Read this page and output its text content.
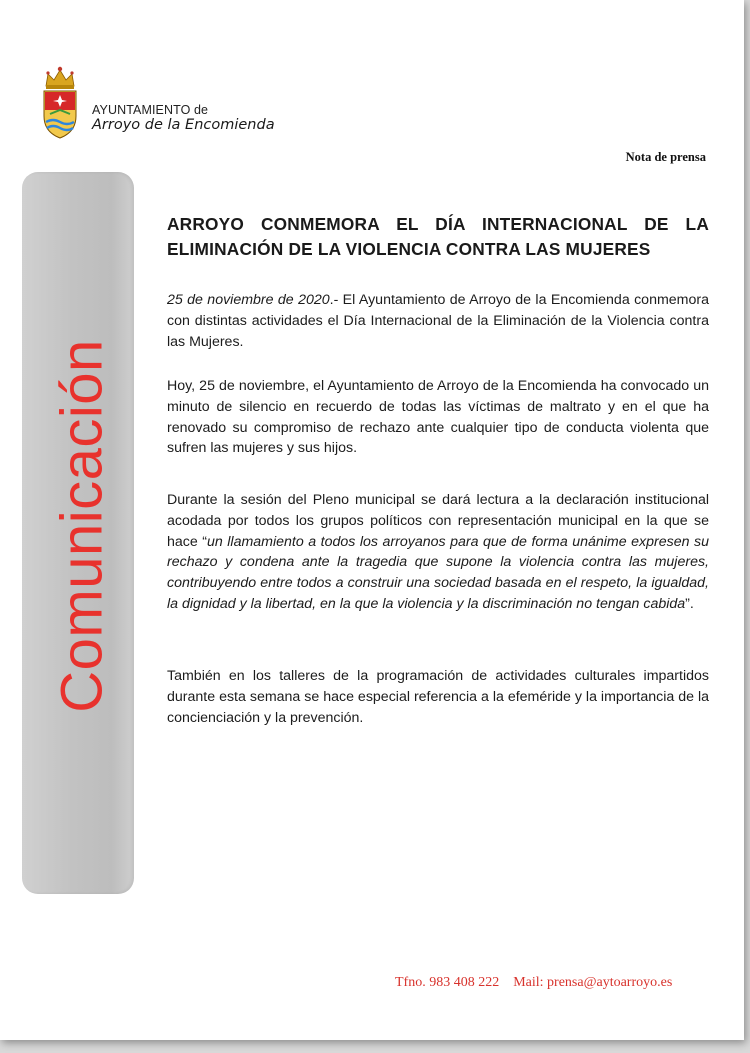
AYUNTAMIENTO de
Arroyo de la Encomienda
Nota de prensa
Comunicación
ARROYO CONMEMORA EL DÍA INTERNACIONAL DE LA
ELIMINACIÓN DE LA VIOLENCIA CONTRA LAS MUJERES

25 de noviembre de 2020.- El Ayuntamiento de Arroyo de la Encomienda conmemora con distintas actividades el Día Internacional de la Eliminación de la Violencia contra las Mujeres.

Hoy, 25 de noviembre, el Ayuntamiento de Arroyo de la Encomienda ha convocado un minuto de silencio en recuerdo de todas las víctimas de maltrato y en el que ha renovado su compromiso de rechazo ante cualquier tipo de conducta violenta que sufren las mujeres y sus hijos.

Durante la sesión del Pleno municipal se dará lectura a la declaración institucional acodada por todos los grupos políticos con representación municipal en la que se hace “un llamamiento a todos los arroyanos para que de forma unánime expresen su rechazo y condena ante la tragedia que supone la violencia contra las mujeres, contribuyendo entre todos a construir una sociedad basada en el respeto, la igualdad, la dignidad y la libertad, en la que la violencia y la discriminación no tengan cabida”.

También en los talleres de la programación de actividades culturales impartidos durante esta semana se hace especial referencia a la efeméride y la importancia de la concienciación y la prevención.

Tfno. 983 408 222 Mail: prensa@aytoarroyo.es
